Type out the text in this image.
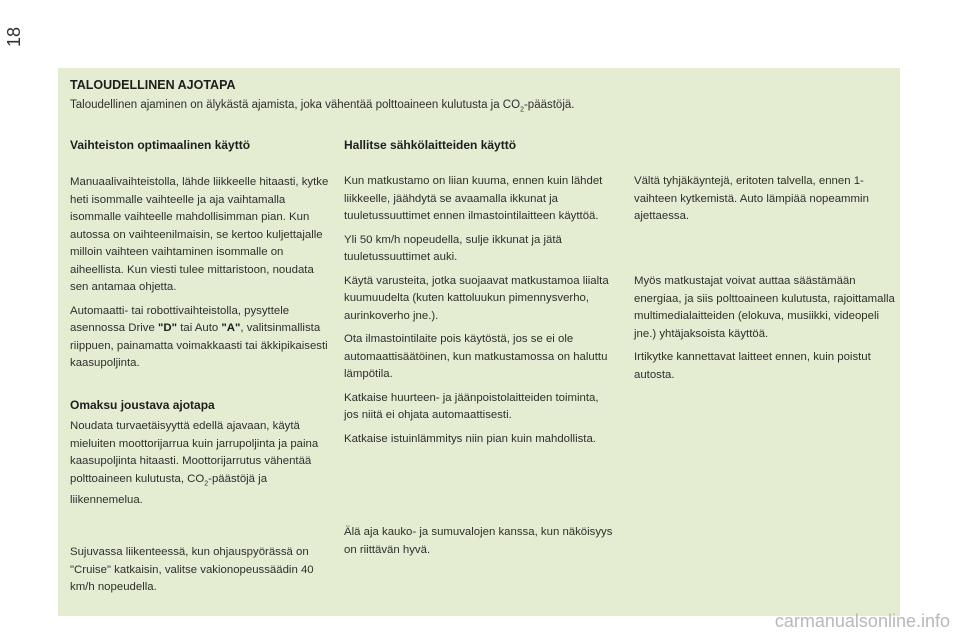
18
TALOUDELLINEN AJOTAPA
Taloudellinen ajaminen on älykästä ajamista, joka vähentää polttoaineen kulutusta ja $CO_2$-päästöjä.
Vaihteiston optimaalinen käyttö

Manuaalivaihteistolla, lähde liikkeelle hitaasti, kytke heti isommalle vaihteelle ja aja vaihtamalla isommalle vaihteelle mahdollisimman pian. Kun autossa on vaihteenilmaisin, se kertoo kuljettajalle milloin vaihteen vaihtaminen isommalle on aiheellista. Kun viesti tulee mittaristoon, noudata sen antamaa ohjetta.

Automaatti- tai robottivaihteistolla, pysyttele asennossa Drive "D" tai Auto "A", valitsinmallista riippuen, painamatta voimakkaasti tai äkkipikaisesti kaasupoljinta.

Omaksu joustava ajotapa

Noudata turvaetäisyyttä edellä ajavaan, käytä mieluiten moottorijarrua kuin jarrupoljinta ja paina kaasupoljinta hitaasti. Moottorijarrutus vähentää polttoaineen kulutusta, $CO_2$-päästöjä ja liikennemelua.

Sujuvassa liikenteessä, kun ohjauspyörässä on "Cruise" katkaisin, valitse vakionopeussäädin 40 km/h nopeudella.

Hallitse sähkölaitteiden käyttö

Kun matkustamo on liian kuuma, ennen kuin lähdet liikkeelle, jäähdytä se avaamalla ikkunat ja tuuletussuuttimet ennen ilmastointilaitteen käyttöä.

Yli 50 km/h nopeudella, sulje ikkunat ja jätä tuuletussuuttimet auki.

Käytä varusteita, jotka suojaavat matkustamoa liialta kuumuudelta (kuten kattoluukun pimennysverho, aurinkoverho jne.).

Ota ilmastointilaite pois käytöstä, jos se ei ole automaattisäätöinen, kun matkustamossa on haluttu lämpötila.

Katkaise huurteen- ja jäänpoistolaitteiden toiminta, jos niitä ei ohjata automaattisesti.

Katkaise istuinlämmitys niin pian kuin mahdollista.

Älä aja kauko- ja sumuvalojen kanssa, kun näköisyys on riittävän hyvä.

Vältä tyhjäkäyntejä, eritoten talvella, ennen 1-vaihteen kytkemistä. Auto lämpiää nopeammin ajettaessa.

Myös matkustajat voivat auttaa säästämään energiaa, ja siis polttoaineen kulutusta, rajoittamalla multimedialaitteiden (elokuva, musiikki, videopeli jne.) yhtäjaksoista käyttöä.

Irtikytke kannettavat laitteet ennen, kuin poistut autosta.

carmanualsonline.info
